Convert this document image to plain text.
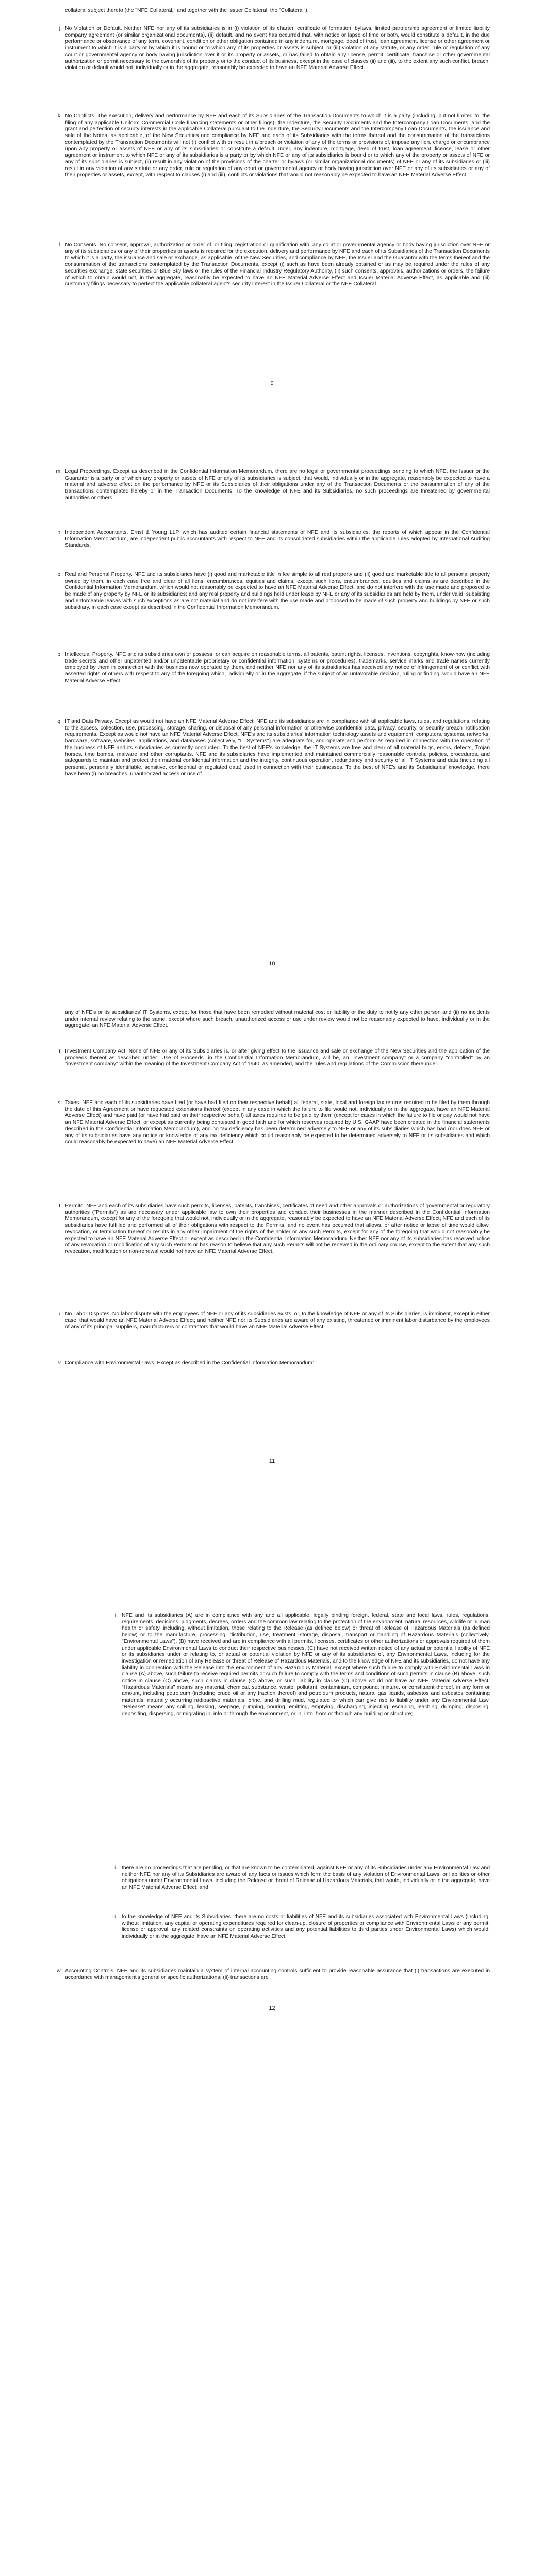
collateral subject thereto (the "NFE Collateral," and together with the Issuer Collateral, the "Collateral").

j. No Violation or Default. Neither NFE nor any of its subsidiaries is in (i) violation of its charter, certificate of formation, bylaws, limited partnership agreement or limited liability company agreement (or similar organizational documents), (ii) default, and no event has occurred that, with notice or lapse of time or both, would constitute a default, in the due performance or observance of any term, covenant, condition or other obligation contained in any indenture, mortgage, deed of trust, loan agreement, license or other agreement or instrument to which it is a party or by which it is bound or to which any of its properties or assets is subject, or (iii) violation of any statute, or any order, rule or regulation of any court or governmental agency or body having jurisdiction over it or its property or assets, or has failed to obtain any license, permit, certificate, franchise or other governmental authorization or permit necessary to the ownership of its property or to the conduct of its business, except in the case of clauses (ii) and (iii), to the extent any such conflict, breach, violation or default would not, individually or in the aggregate, reasonably be expected to have an NFE Material Adverse Effect.
k. No Conflicts. The execution, delivery and performance by NFE and each of its Subsidiaries of the Transaction Documents to which it is a party (including, but not limited to, the filing of any applicable Uniform Commercial Code financing statements or other filings), the Indenture, the Security Documents and the Intercompany Loan Documents, and the grant and perfection of security interests in the applicable Collateral pursuant to the Indenture, the Security Documents and the Intercompany Loan Documents, the issuance and sale of the Notes, as applicable, of the New Securities and compliance by NFE and each of its Subsidiaries with the terms thereof and the consummation of the transactions contemplated by the Transaction Documents will not (i) conflict with or result in a breach or violation of any of the terms or provisions of, impose any lien, charge or encumbrance upon any property or assets of NFE or any of its subsidiaries or constitute a default under, any indenture, mortgage, deed of trust, loan agreement, license, lease or other agreement or instrument to which NFE or any of its subsidiaries is a party or by which NFE or any of its subsidiaries is bound or to which any of the property or assets of NFE or any of its subsidiaries is subject, (ii) result in any violation of the provisions of the charter or bylaws (or similar organizational documents) of NFE or any of its subsidiaries or (iii) result in any violation of any statute or any order, rule or regulation of any court or governmental agency or body having jurisdiction over NFE or any of its subsidiaries or any of their properties or assets, except, with respect to clauses (i) and (iii), conflicts or violations that would not reasonably be expected to have an NFE Material Adverse Effect.
l. No Consents. No consent, approval, authorization or order of, or filing, registration or qualification with, any court or governmental agency or body having jurisdiction over NFE or any of its subsidiaries or any of their properties or assets is required for the execution, delivery and performance by NFE and each of its Subsidiaries of the Transaction Documents to which it is a party, the issuance and sale or exchange, as applicable, of the New Securities, and compliance by NFE, the Issuer and the Guarantor with the terms thereof and the consummation of the transactions contemplated by the Transaction Documents, except (i) such as have been already obtained or as may be required under the rules of any securities exchange, state securities or Blue Sky laws or the rules of the Financial Industry Regulatory Authority, (ii) such consents, approvals, authorizations or orders, the failure of which to obtain would not, in the aggregate, reasonably be expected to have an NFE Material Adverse Effect and Issuer Material Adverse Effect, as applicable and (iii) customary filings necessary to perfect the applicable collateral agent's security interest in the Issuer Collateral or the NFE Collateral.
9
m. Legal Proceedings. Except as described in the Confidential Information Memorandum, there are no legal or governmental proceedings pending to which NFE, the Issuer or the Guarantor is a party or of which any property or assets of NFE or any of its subsidiaries is subject, that would, individually or in the aggregate, reasonably be expected to have a material and adverse effect on the performance by NFE or its Subsidiaries of their obligations under any of the Transaction Documents or the consummation of any of the transactions contemplated hereby or in the Transaction Documents. To the knowledge of NFE and its Subsidiaries, no such proceedings are threatened by governmental authorities or others.
n. Independent Accountants. Ernst & Young LLP, which has audited certain financial statements of NFE and its subsidiaries, the reports of which appear in the Confidential Information Memorandum, are independent public accountants with respect to NFE and its consolidated subsidiaries within the applicable rules adopted by International Auditing Standards.
o. Real and Personal Property. NFE and its subsidiaries have (i) good and marketable title in fee simple to all real property and (ii) good and marketable title to all personal property owned by them, in each case free and clear of all liens, encumbrances, equities and claims, except such liens, encumbrances, equities and claims as are described in the Confidential Information Memorandum, which would not reasonably be expected to have an NFE Material Adverse Effect, and do not interfere with the use made and proposed to be made of any property by NFE or its subsidiaries; and any real property and buildings held under lease by NFE or any of its subsidiaries are held by them, under valid, subsisting and enforceable leases with such exceptions as are not material and do not interfere with the use made and proposed to be made of such property and buildings by NFE or such subsidiary, in each case except as described in the Confidential Information Memorandum.
p. Intellectual Property. NFE and its subsidiaries own or possess, or can acquire on reasonable terms, all patents, patent rights, licenses, inventions, copyrights, know-how (including trade secrets and other unpatented and/or unpatentable proprietary or confidential information, systems or procedures), trademarks, service marks and trade names currently employed by them in connection with the business now operated by them, and neither NFE nor any of its subsidiaries has received any notice of infringement of or conflict with asserted rights of others with respect to any of the foregoing which, individually or in the aggregate, if the subject of an unfavorable decision, ruling or finding, would have an NFE Material Adverse Effect.
q. IT and Data Privacy. Except as would not have an NFE Material Adverse Effect, NFE and its subsidiaries are in compliance with all applicable laws, rules, and regulations, relating to the access, collection, use, processing, storage, sharing, or disposal of any personal information or otherwise confidential data, privacy, security, or security breach notification requirements. Except as would not have an NFE Material Adverse Effect, NFE's and its subsidiaries' information technology assets and equipment, computers, systems, networks, hardware, software, websites, applications, and databases (collectively, "IT Systems") are adequate for, and operate and perform as required in connection with the operation of the business of NFE and its subsidiaries as currently conducted. To the best of NFE's knowledge, the IT Systems are free and clear of all material bugs, errors, defects, Trojan horses, time bombs, malware and other corruptants. NFE and its subsidiaries have implemented and maintained commercially reasonable controls, policies, procedures, and safeguards to maintain and protect their material confidential information and the integrity, continuous operation, redundancy and security of all IT Systems and data (including all personal, personally identifiable, sensitive, confidential or regulated data) used in connection with their businesses. To the best of NFE's and its Subsidiaries' knowledge, there have been (i) no breaches, unauthorized access or use of
10

any of NFE's or its subsidiaries' IT Systems, except for those that have been remedied without material cost or liability or the duty to notify any other person and (ii) no incidents under internal review relating to the same, except where such breach, unauthorized access or use under review would not be reasonably expected to have, individually or in the aggregate, an NFE Material Adverse Effect.

r. Investment Company Act. None of NFE or any of its Subsidiaries is, or after giving effect to the issuance and sale or exchange of the New Securities and the application of the proceeds thereof as described under "Use of Proceeds" in the Confidential Information Memorandum, will be, an "investment company" or a company "controlled" by an "investment company" within the meaning of the Investment Company Act of 1940, as amended, and the rules and regulations of the Commission thereunder.
s. Taxes. NFE and each of its subsidiaries have filed (or have had filed on their respective behalf) all federal, state, local and foreign tax returns required to be filed by them through the date of this Agreement or have requested extensions thereof (except in any case in which the failure to file would not, individually or in the aggregate, have an NFE Material Adverse Effect) and have paid (or have had paid on their respective behalf) all taxes required to be paid by them (except for cases in which the failure to file or pay would not have an NFE Material Adverse Effect, or except as currently being contested in good faith and for which reserves required by U.S. GAAP have been created in the financial statements described in the Confidential Information Memorandum), and no tax deficiency has been determined adversely to NFE or any of its subsidiaries which has had (nor does NFE or any of its subsidiaries have any notice or knowledge of any tax deficiency which could reasonably be expected to be determined adversely to NFE or its subsidiaries and which could reasonably be expected to have) an NFE Material Adverse Effect.
t. Permits. NFE and each of its subsidiaries have such permits, licenses, patents, franchises, certificates of need and other approvals or authorizations of governmental or regulatory authorities ("Permits") as are necessary under applicable law to own their properties and conduct their businesses in the manner described in the Confidential Information Memorandum, except for any of the foregoing that would not, individually or in the aggregate, reasonably be expected to have an NFE Material Adverse Effect; NFE and each of its subsidiaries have fulfilled and performed all of their obligations with respect to the Permits, and no event has occurred that allows, or after notice or lapse of time would allow, revocation, or termination thereof or results in any other impairment of the rights of the holder or any such Permits, except for any of the foregoing that would not reasonably be expected to have an NFE Material Adverse Effect or except as described in the Confidential Information Memorandum. Neither NFE nor any of its subsidiaries has received notice of any revocation or modification of any such Permits or has reason to believe that any such Permits will not be renewed in the ordinary course, except to the extent that any such revocation, modification or non-renewal would not have an NFE Material Adverse Effect.
u. No Labor Disputes. No labor dispute with the employees of NFE or any of its subsidiaries exists, or, to the knowledge of NFE or any of its Subsidiaries, is imminent, except in either case, that would have an NFE Material Adverse Effect; and neither NFE nor its Subsidiaries are aware of any existing, threatened or imminent labor disturbance by the employees of any of its principal suppliers, manufacturers or contractors that would have an NFE Material Adverse Effect.
v. Compliance with Environmental Laws. Except as described in the Confidential Information Memorandum:
11
i. NFE and its subsidiaries (A) are in compliance with any and all applicable, legally binding foreign, federal, state and local laws, rules, regulations, requirements, decisions, judgments, decrees, orders and the common law relating to the protection of the environment, natural resources, wildlife or human health or safety, including, without limitation, those relating to the Release (as defined below) or threat of Release of Hazardous Materials (as defined below) or to the manufacture, processing, distribution, use, treatment, storage, disposal, transport or handling of Hazardous Materials (collectively, "Environmental Laws"), (B) have received and are in compliance with all permits, licenses, certificates or other authorizations or approvals required of them under applicable Environmental Laws to conduct their respective businesses, (C) have not received written notice of any actual or potential liability of NFE or its subsidiaries under or relating to, or actual or potential violation by NFE or any of its subsidiaries of, any Environmental Laws, including for the investigation or remediation of any Release or threat of Release of Hazardous Materials, and to the knowledge of NFE and its subsidiaries, do not have any liability in connection with the Release into the environment of any Hazardous Material, except where such failure to comply with Environmental Laws in clause (A) above, such failure to receive required permits or such failure to comply with the terms and conditions of such permits in clause (B) above, such notice in clause (C) above, such claims in clause (C) above, or such liability in clause (C) above would not have an NFE Material Adverse Effect. "Hazardous Materials" means any material, chemical, substance, waste, pollutant, contaminant, compound, mixture, or constituent thereof, in any form or amount, including petroleum (including crude oil or any fraction thereof) and petroleum products, natural gas liquids, asbestos and asbestos containing materials, naturally occurring radioactive materials, brine, and drilling mud, regulated or which can give rise to liability under any Environmental Law. "Release" means any spilling, leaking, seepage, pumping, pouring, emitting, emptying, discharging, injecting, escaping, leaching, dumping, disposing, depositing, dispersing, or migrating in, into or through the environment, or in, into, from or through any building or structure;
ii. there are no proceedings that are pending, or that are known to be contemplated, against NFE or any of its Subsidiaries under any Environmental Law and neither NFE nor any of its Subsidiaries are aware of any facts or issues which form the basis of any violation of Environmental Laws, or liabilities or other obligations under Environmental Laws, including the Release or threat of Release of Hazardous Materials, that would, individually or in the aggregate, have an NFE Material Adverse Effect; and
iii. to the knowledge of NFE and its Subsidiaries, there are no costs or liabilities of NFE and its subsidiaries associated with Environmental Laws (including, without limitation, any capital or operating expenditures required for clean-up, closure of properties or compliance with Environmental Laws or any permit, license or approval, any related constraints on operating activities and any potential liabilities to third parties under Environmental Laws) which would, individually or in the aggregate, have an NFE Material Adverse Effect.
w. Accounting Controls. NFE and its subsidiaries maintain a system of internal accounting controls sufficient to provide reasonable assurance that (i) transactions are executed in accordance with management's general or specific authorizations; (ii) transactions are
12
